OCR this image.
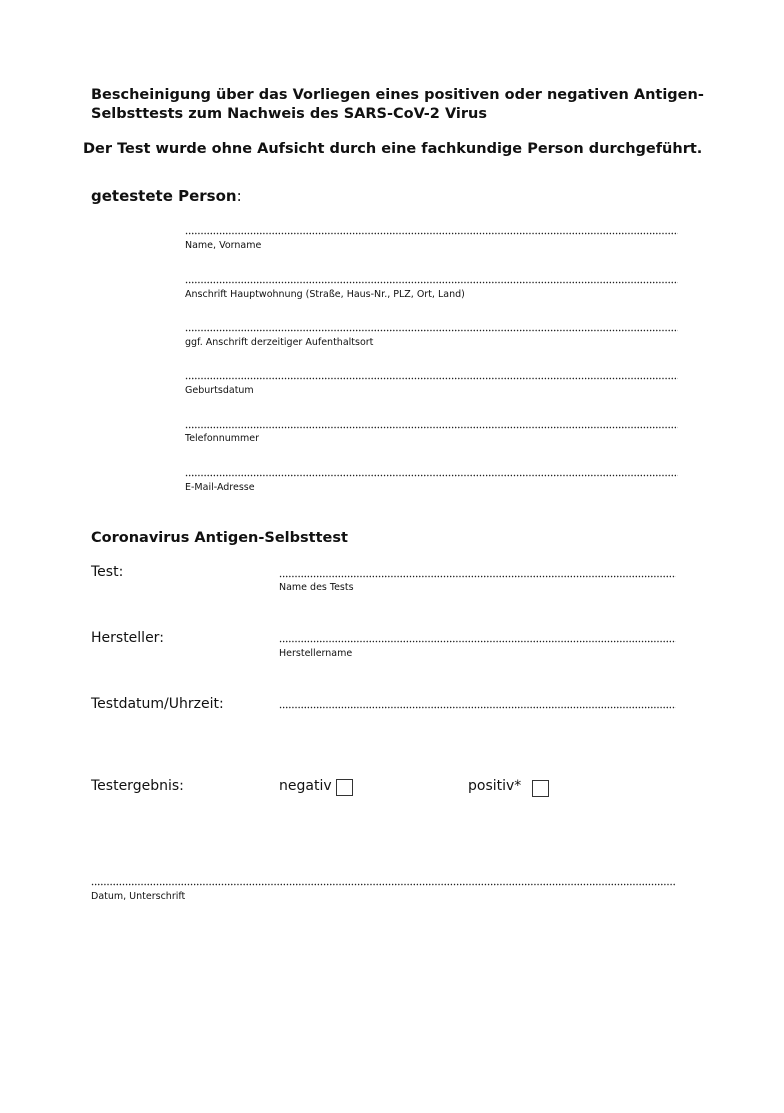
Bescheinigung über das Vorliegen eines positiven oder negativen Antigen-Selbsttests zum Nachweis des SARS-CoV-2 Virus
Der Test wurde ohne Aufsicht durch eine fachkundige Person durchgeführt.
getestete Person:
Name, Vorname
Anschrift Hauptwohnung (Straße, Haus-Nr., PLZ, Ort, Land)
ggf. Anschrift derzeitiger Aufenthaltsort
Geburtsdatum
Telefonnummer
E-Mail-Adresse
Coronavirus Antigen-Selbsttest
Test:
Name des Tests
Hersteller:
Herstellername
Testdatum/Uhrzeit:
Testergebnis:	negativ	positiv*
Datum, Unterschrift
